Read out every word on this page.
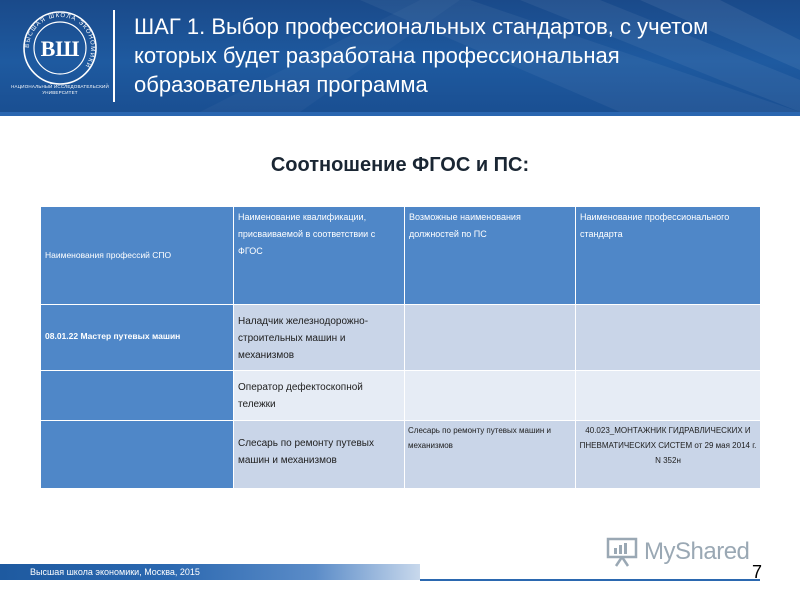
ВЫСШАЯ ШКОЛА ЭКОНОМИКИ
ВШ
НАЦИОНАЛЬНЫЙ ИССЛЕДОВАТЕЛЬСКИЙ УНИВЕРСИТЕТ
ШАГ 1. Выбор профессиональных стандартов, с учетом которых будет разработана профессиональная образовательная программа
Соотношение ФГОС и ПС:
Наименования профессий СПО	Наименование квалификации, присваиваемой в соответствии с ФГОС	Возможные наименования должностей по ПС	Наименование профессионального стандарта
08.01.22 Мастер путевых машин	Наладчик железнодорожно-строительных машин и механизмов		
	Оператор дефектоскопной тележки		
	Слесарь по ремонту путевых машин и механизмов	Слесарь по ремонту путевых машин и механизмов	40.023_МОНТАЖНИК ГИДРАВЛИЧЕСКИХ И ПНЕВМАТИЧЕСКИХ СИСТЕМ от 29 мая 2014 г. N 352н
MyShared
Высшая школа экономики, Москва, 2015	7
